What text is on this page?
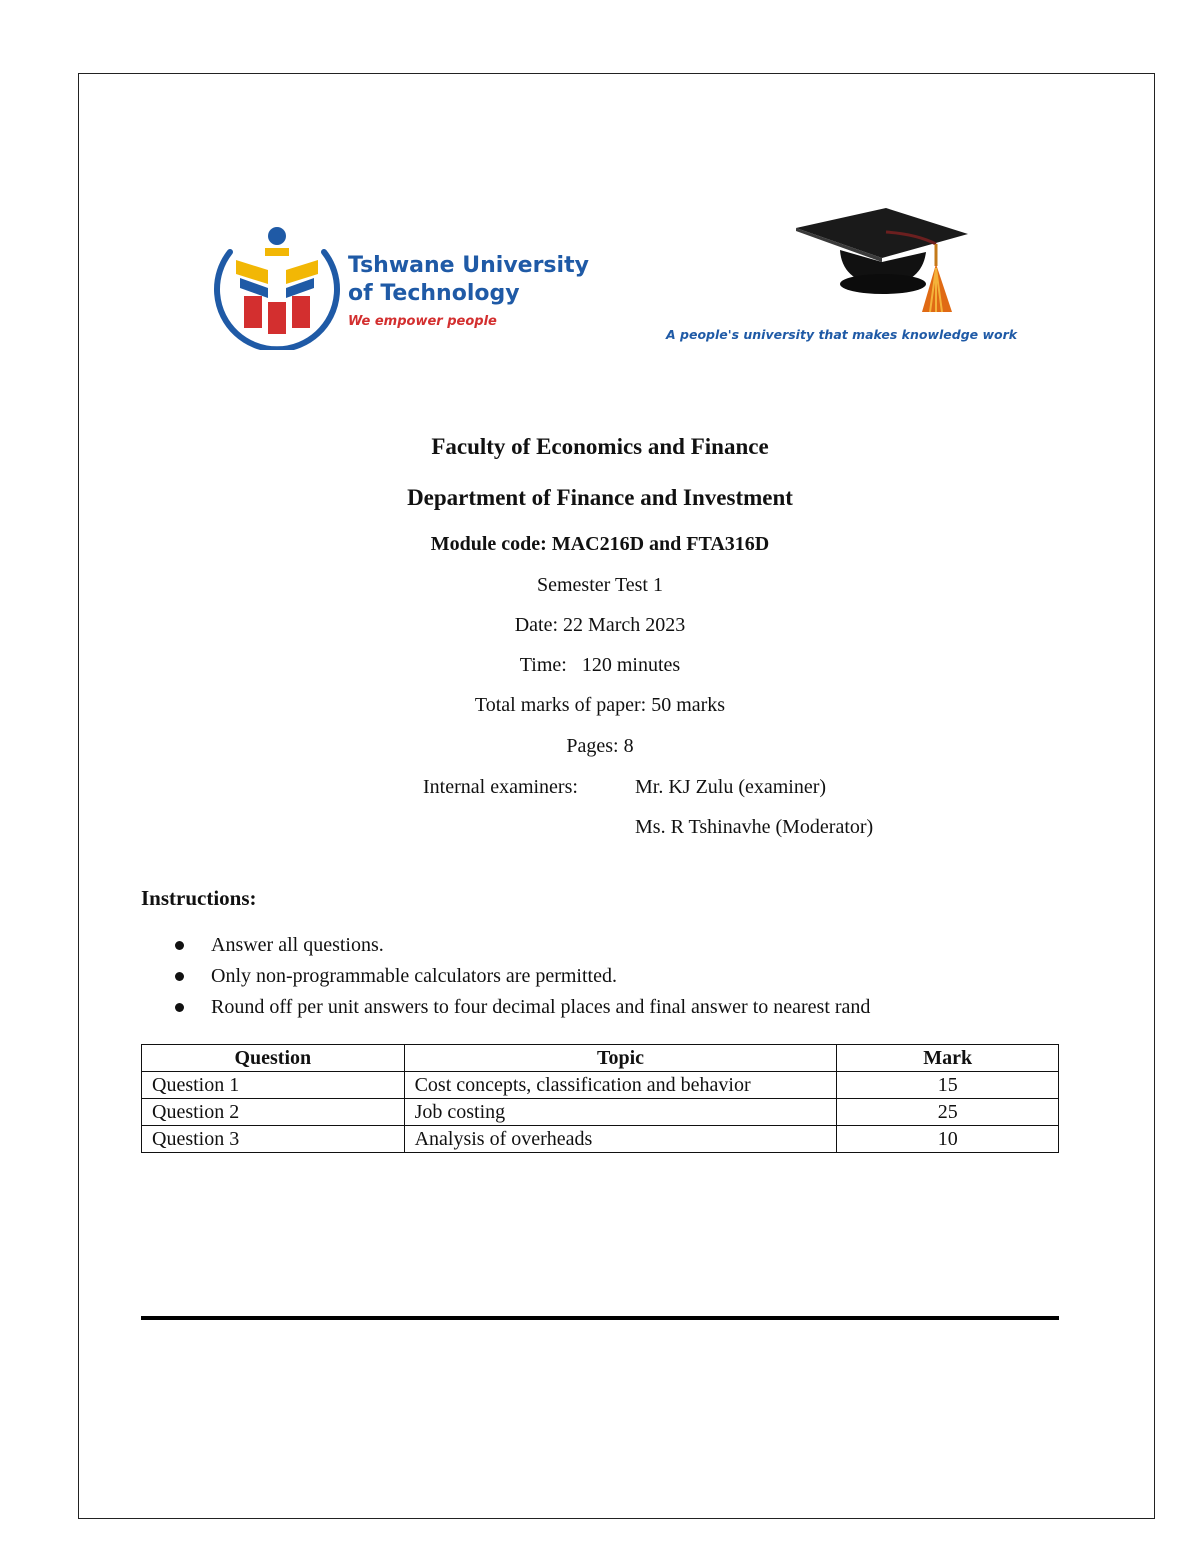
Tshwane University
of Technology
We empower people
A people's university that makes knowledge work
Faculty of Economics and Finance
Department of Finance and Investment
Module code: MAC216D and FTA316D
Semester Test 1
Date: 22 March 2023
Time:   120 minutes
Total marks of paper: 50 marks
Pages: 8
Internal examiners:	Mr. KJ Zulu (examiner)
Ms. R Tshinavhe (Moderator)
Instructions:
Answer all questions.
Only non-programmable calculators are permitted.
Round off per unit answers to four decimal places and final answer to nearest rand
Question	Topic	Mark
Question 1	Cost concepts, classification and behavior	15
Question 2	Job costing	25
Question 3	Analysis of overheads	10
